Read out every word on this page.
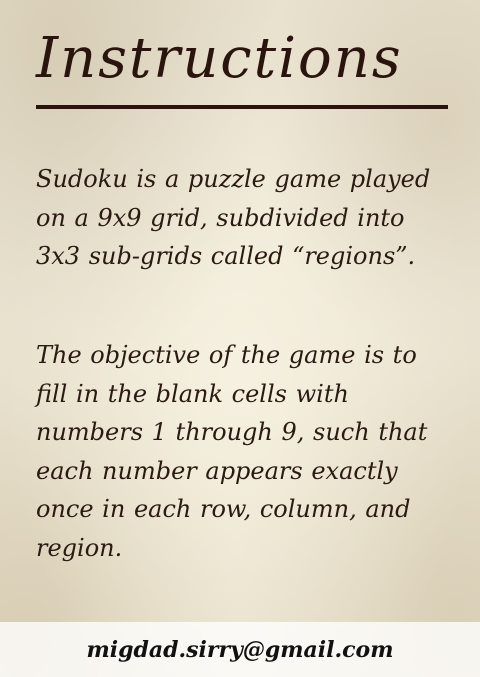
Instructions

Sudoku is a puzzle game played on a 9x9 grid, subdivided into 3x3 sub-grids called “regions”.

The objective of the game is to fill in the blank cells with numbers 1 through 9, such that each number appears exactly once in each row, column, and region.

migdad.sirry@gmail.com
